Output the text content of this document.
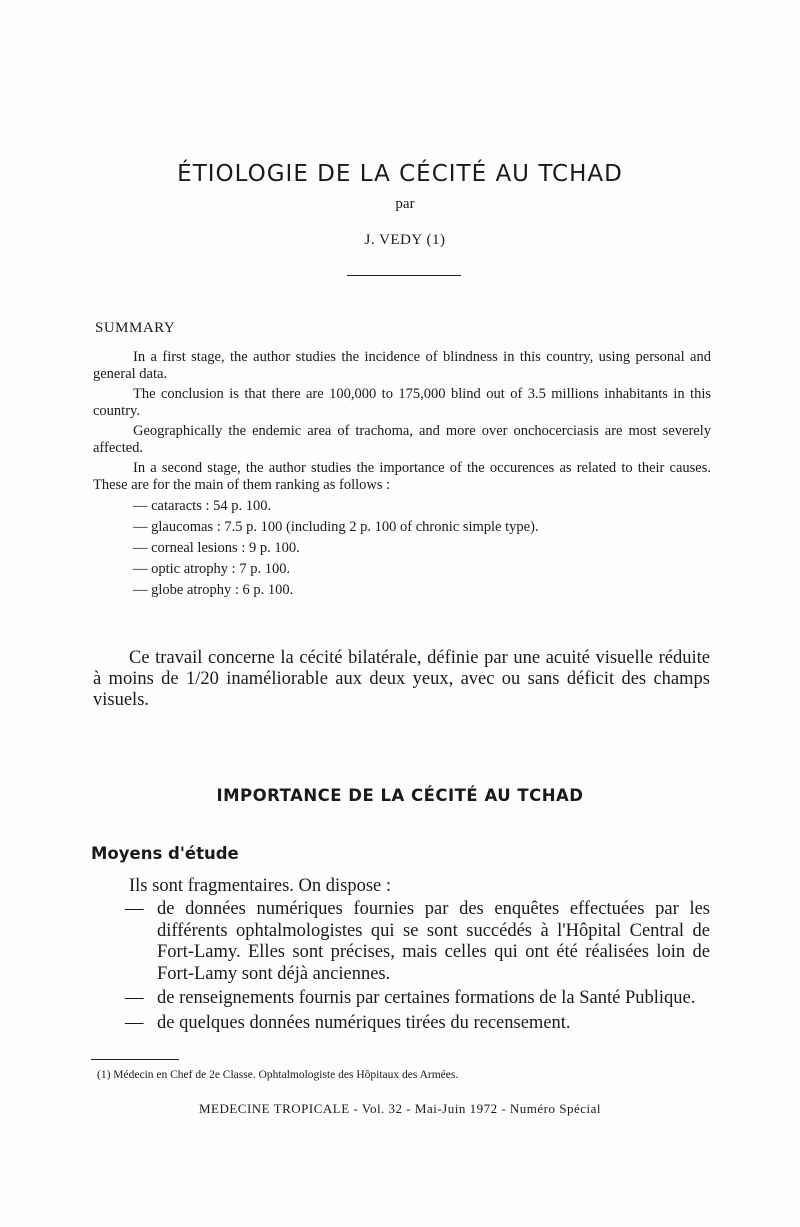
ÉTIOLOGIE DE LA CÉCITÉ AU TCHAD
par
J. VEDY (1)
SUMMARY

In a first stage, the author studies the incidence of blindness in this country, using personal and general data.

The conclusion is that there are 100,000 to 175,000 blind out of 3.5 millions inhabitants in this country.

Geographically the endemic area of trachoma, and more over onchocerciasis are most severely affected.

In a second stage, the author studies the importance of the occurences as related to their causes. These are for the main of them ranking as follows :

— cataracts : 54 p. 100.
— glaucomas : 7.5 p. 100 (including 2 p. 100 of chronic simple type).
— corneal lesions : 9 p. 100.
— optic atrophy : 7 p. 100.
— globe atrophy : 6 p. 100.
Ce travail concerne la cécité bilatérale, définie par une acuité visuelle réduite à moins de 1/20 inaméliorable aux deux yeux, avec ou sans déficit des champs visuels.
IMPORTANCE DE LA CÉCITÉ AU TCHAD
Moyens d'étude
Ils sont fragmentaires. On dispose :
— de données numériques fournies par des enquêtes effectuées par les différents ophtalmologistes qui se sont succédés à l'Hôpital Central de Fort-Lamy. Elles sont précises, mais celles qui ont été réalisées loin de Fort-Lamy sont déjà anciennes.
— de renseignements fournis par certaines formations de la Santé Publique.
— de quelques données numériques tirées du recensement.
(1) Médecin en Chef de 2e Classe. Ophtalmologiste des Hôpitaux des Armées.
MEDECINE TROPICALE - Vol. 32 - Mai-Juin 1972 - Numéro Spécial
